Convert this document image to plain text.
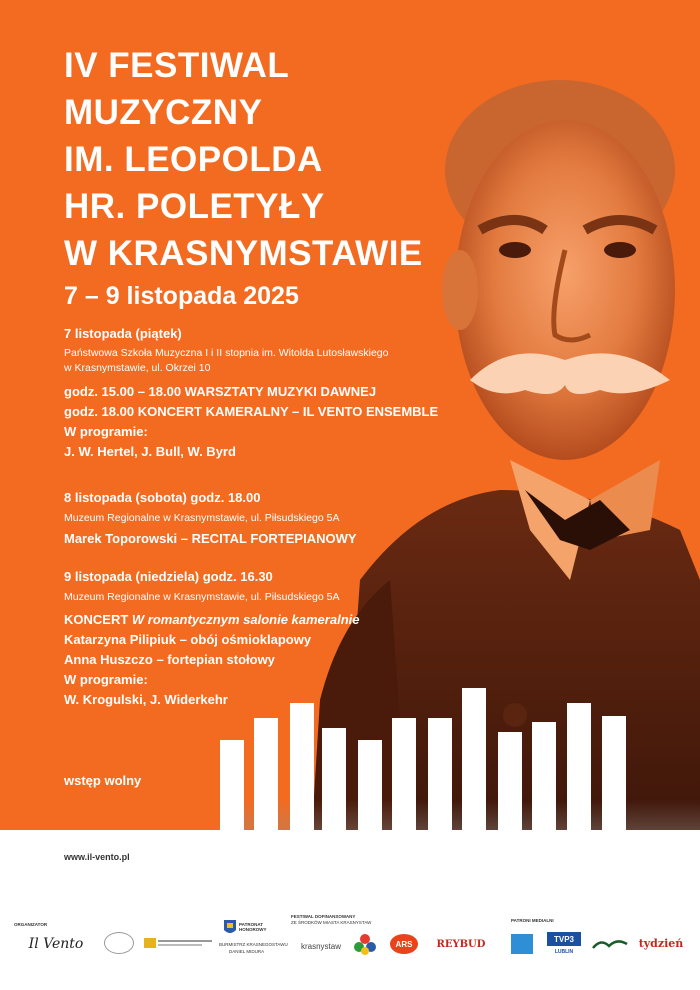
IV FESTIWAL
MUZYCZNY
IM. LEOPOLDA
HR. POLETYŁY
W KRASNYMSTAWIE
7 – 9 listopada 2025
7 listopada (piątek)
Państwowa Szkoła Muzyczna I i II stopnia im. Witolda Lutosławskiego
w Krasnymstawie, ul. Okrzei 10
godz. 15.00 – 18.00 WARSZTATY MUZYKI DAWNEJ
godz. 18.00 KONCERT KAMERALNY – IL VENTO ENSEMBLE
W programie:
J. W. Hertel, J. Bull, W. Byrd
8 listopada (sobota) godz. 18.00
Muzeum Regionalne w Krasnymstawie, ul. Piłsudskiego 5A
Marek Toporowski – RECITAL FORTEPIANOWY
9 listopada (niedziela) godz. 16.30
Muzeum Regionalne w Krasnymstawie, ul. Piłsudskiego 5A
KONCERT W romantycznym salonie kameralnie
Katarzyna Pilipiuk – obój ośmioklapowy
Anna Huszczo – fortepian stołowy
W programie:
W. Krogulski, J. Widerkehr
wstęp wolny
www.il-vento.pl
ORGANIZATOR
Il Vento
PATRONAT HONOROWY
BURMISTRZ KRASNEGOSTAWU
DANIEL MIDURA
FESTIWAL DOFINANSOWANY
ZE ŚRODKÓW MIASTA KRASNYSTAW
krasnystaw	ARS	REYBUD
PATRONI MEDIALNI
TVP3
LUBLIN
tydzień
